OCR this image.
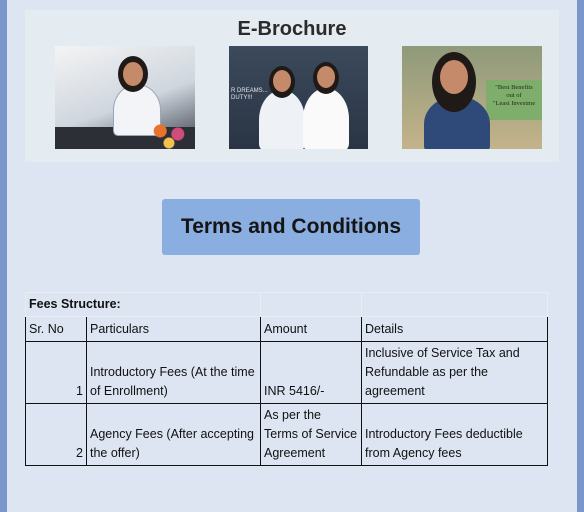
E-Brochure
R DREAMS...
DUTY!!!
"Best Benefits
out of
"Least Investme
Terms and Conditions
Fees Structure:			
Sr. No	Particulars	Amount	Details
1	Introductory Fees (At the time of Enrollment)	INR 5416/-	Inclusive of Service Tax and Refundable as per the agreement
2	Agency Fees (After accepting the offer)	As per the Terms of Service Agreement	Introductory Fees deductible from Agency fees
